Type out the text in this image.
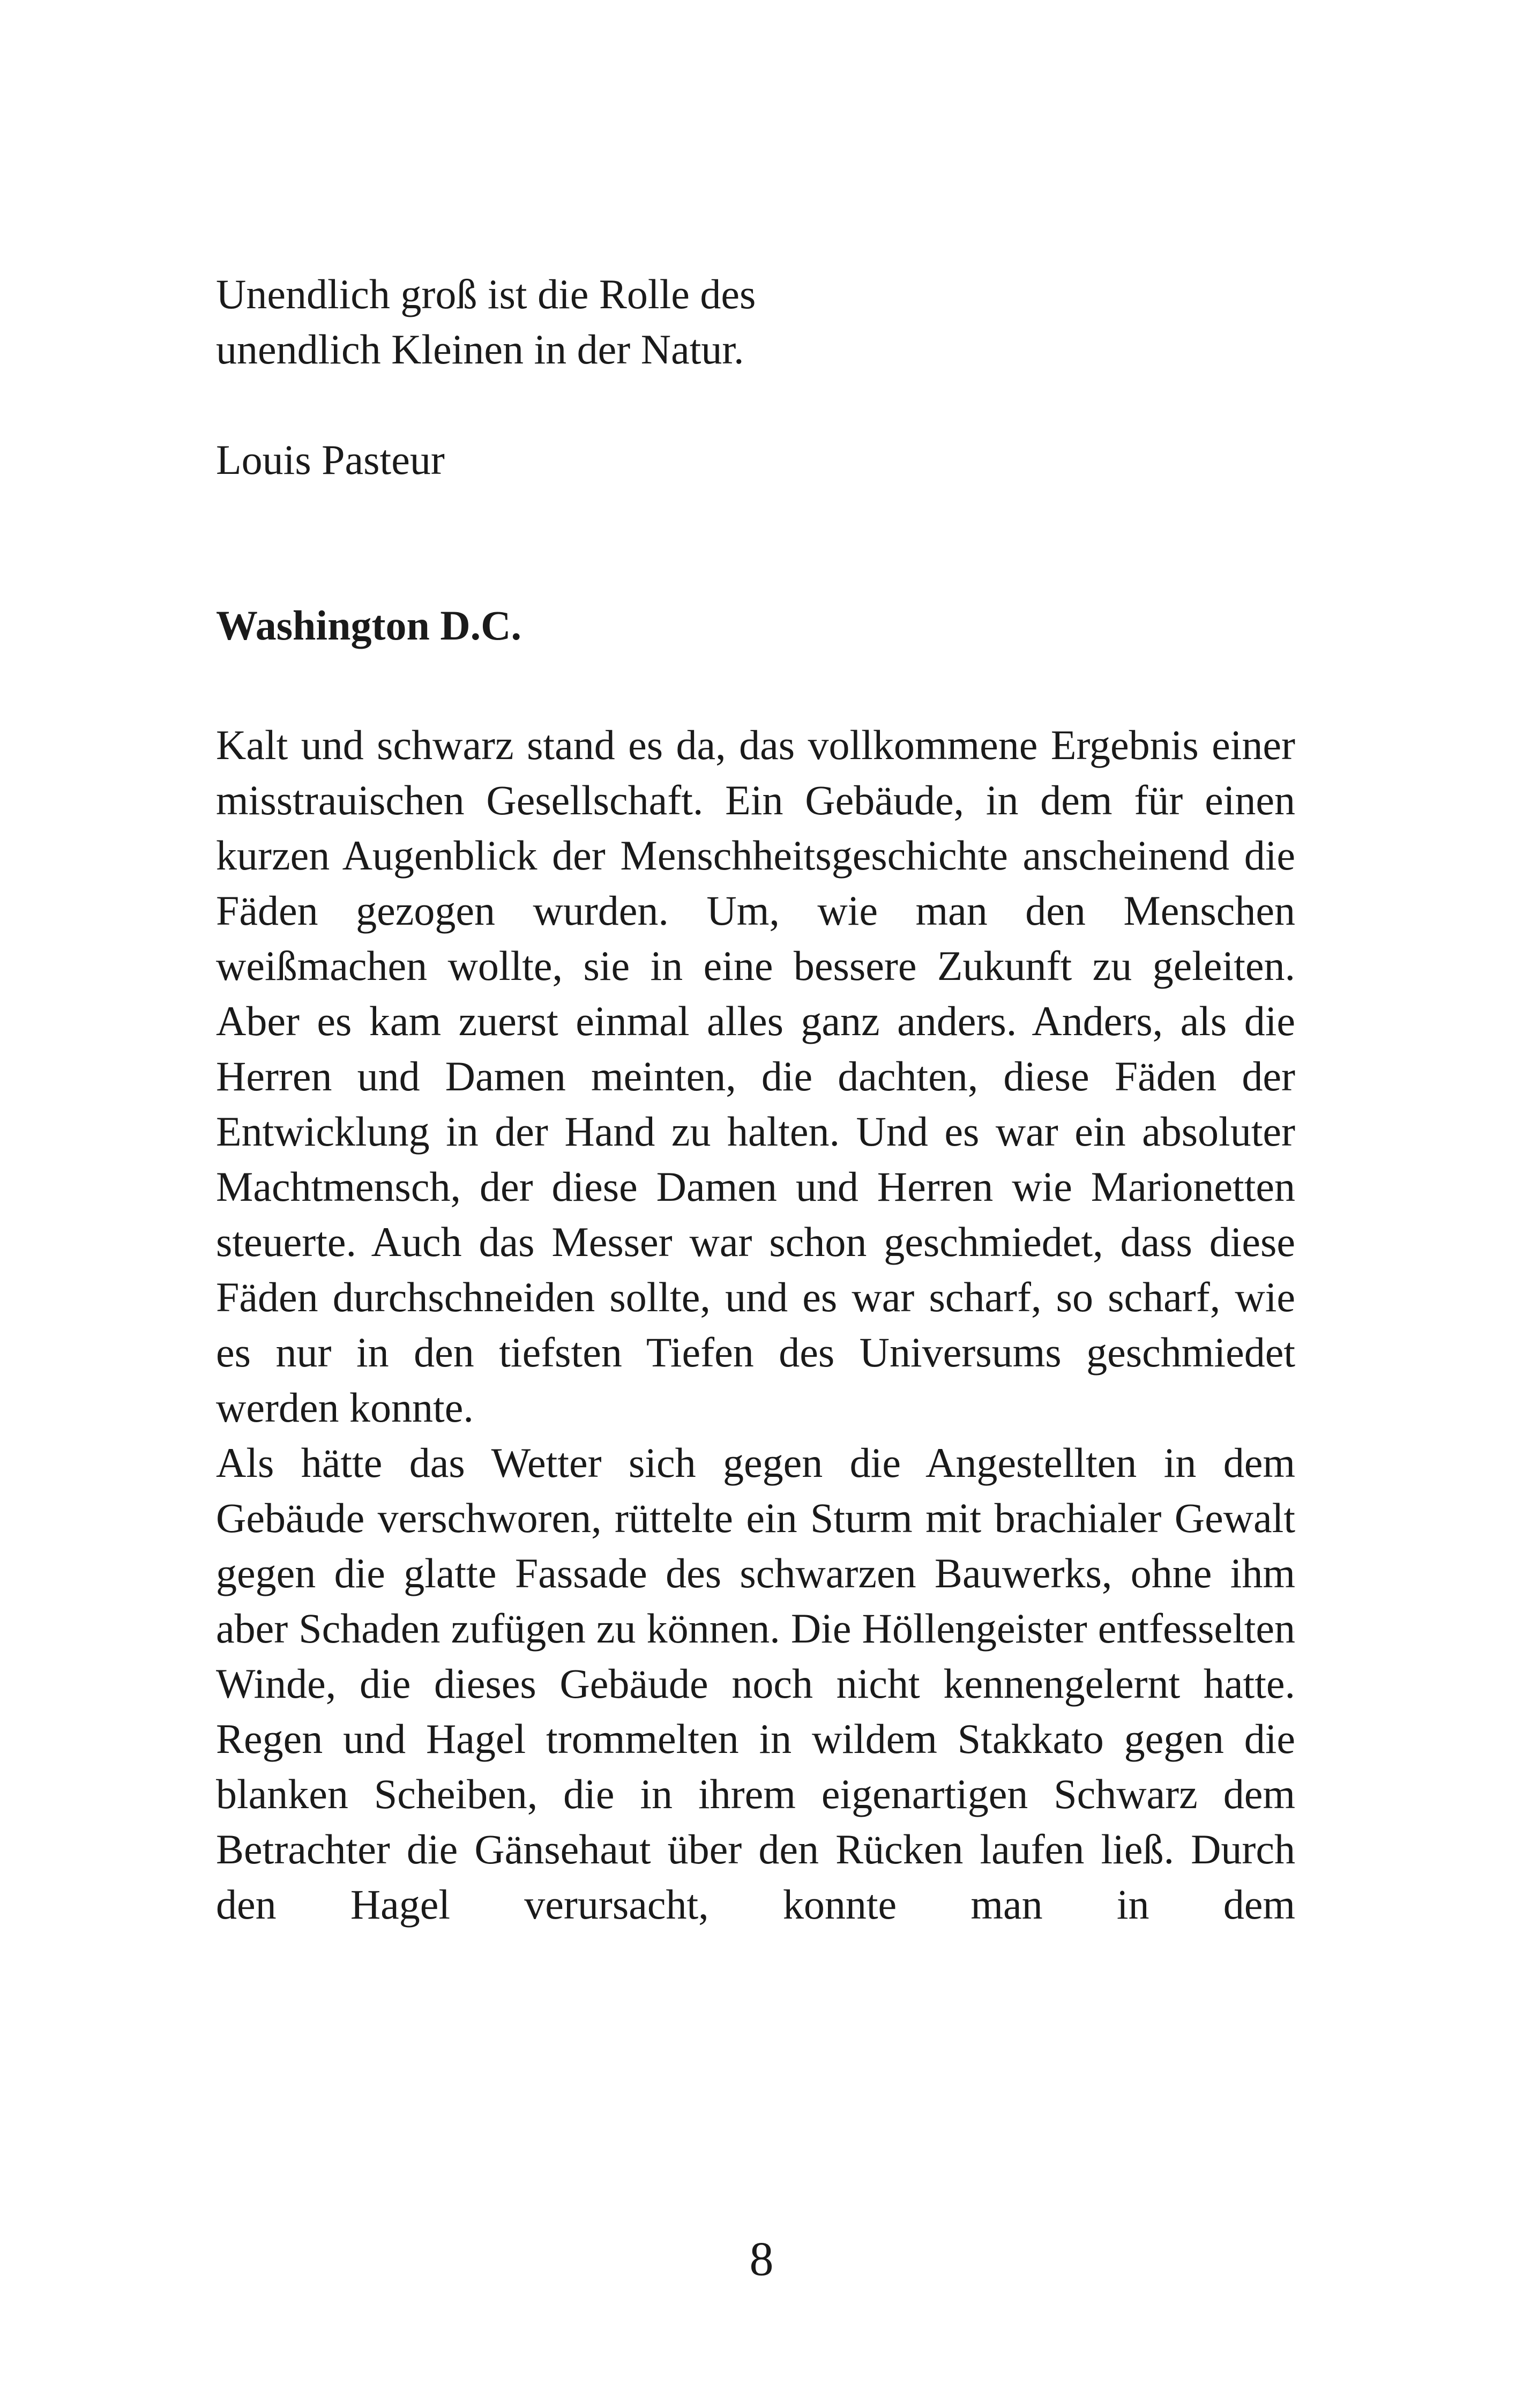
Unendlich groß ist die Rolle des
unendlich Kleinen in der Natur.

Louis Pasteur

Washington D.C.

Kalt und schwarz stand es da, das vollkommene Ergebnis einer misstrauischen Gesellschaft. Ein Gebäude, in dem für einen kurzen Augenblick der Menschheitsgeschichte anscheinend die Fäden gezogen wurden. Um, wie man den Menschen weißmachen wollte, sie in eine bessere Zukunft zu geleiten. Aber es kam zuerst einmal alles ganz anders. Anders, als die Herren und Damen meinten, die dachten, diese Fäden der Entwicklung in der Hand zu halten. Und es war ein absoluter Machtmensch, der diese Damen und Herren wie Marionetten steuerte. Auch das Messer war schon geschmiedet, dass diese Fäden durchschneiden sollte, und es war scharf, so scharf, wie es nur in den tiefsten Tiefen des Universums geschmiedet werden konnte.

Als hätte das Wetter sich gegen die Angestellten in dem Gebäude verschworen, rüttelte ein Sturm mit brachialer Gewalt gegen die glatte Fassade des schwarzen Bauwerks, ohne ihm aber Schaden zufügen zu können. Die Höllengeister entfesselten Winde, die dieses Gebäude noch nicht kennengelernt hatte. Regen und Hagel trommelten in wildem Stakkato gegen die blanken Scheiben, die in ihrem eigenartigen Schwarz dem Betrachter die Gänsehaut über den Rücken laufen ließ. Durch den Hagel verursacht, konnte man in dem

8
